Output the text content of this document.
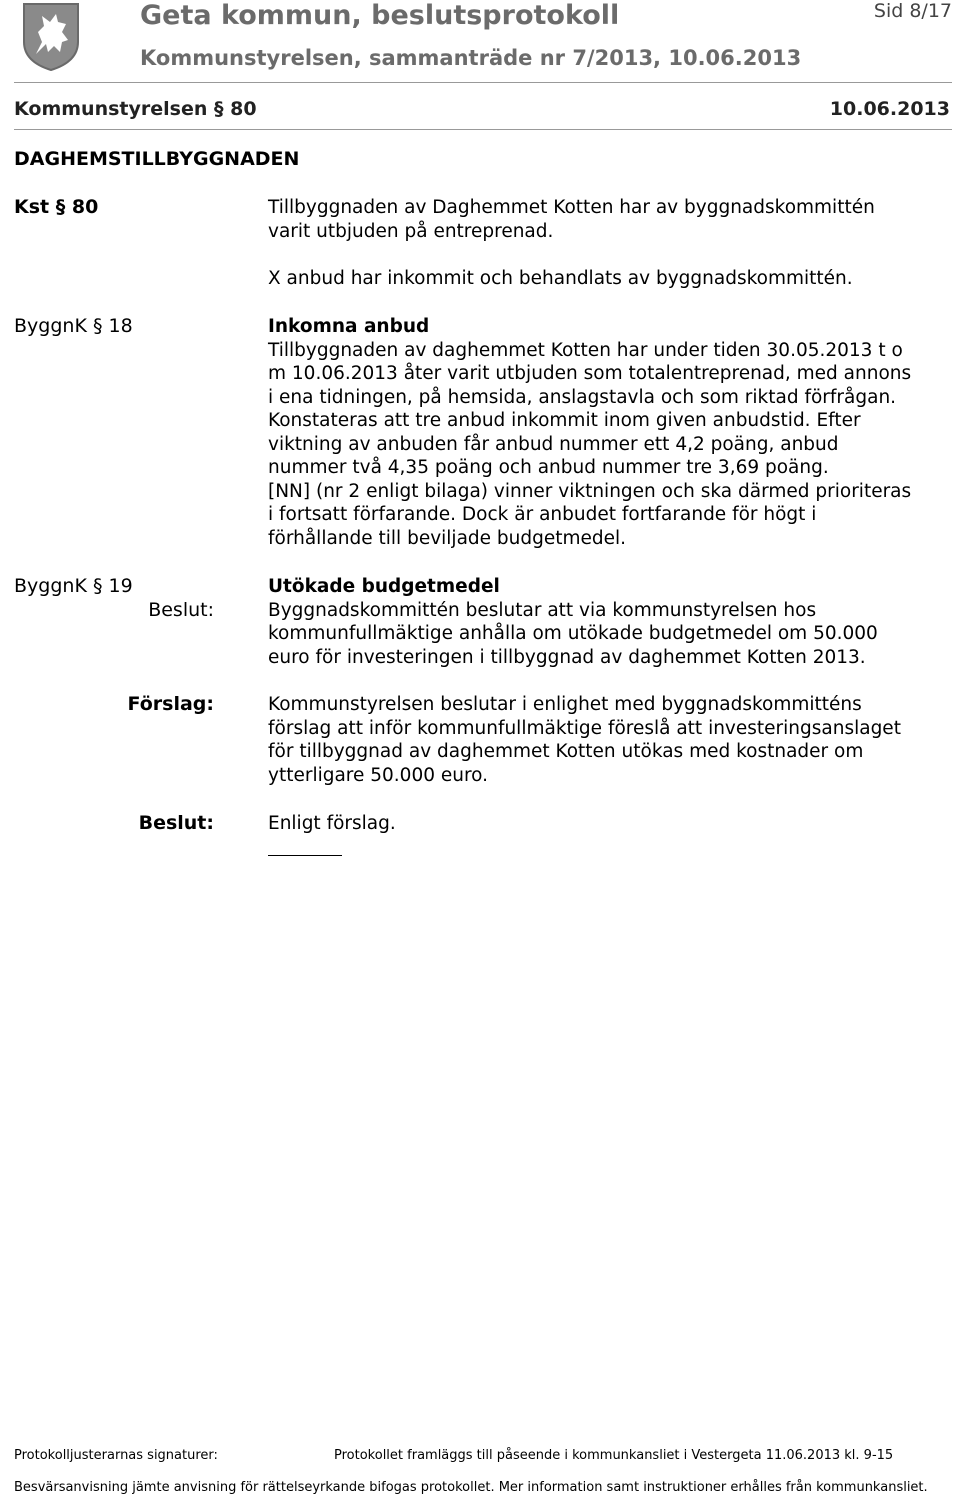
Geta kommun, beslutsprotokoll	Sid 8/17
Kommunstyrelsen, sammanträde nr 7/2013, 10.06.2013
Kommunstyrelsen § 80	10.06.2013
DAGHEMSTILLBYGGNADEN
Kst § 80	Tillbyggnaden av Daghemmet Kotten har av byggnadskommittén

varit utbjuden på entreprenad.

X anbud har inkommit och behandlats av byggnadskommittén.

ByggnK § 18	Inkomna anbud

Tillbyggnaden av daghemmet Kotten har under tiden 30.05.2013 t o

m 10.06.2013 åter varit utbjuden som totalentreprenad, med annons

i ena tidningen, på hemsida, anslagstavla och som riktad förfrågan.

Konstateras att tre anbud inkommit inom given anbudstid. Efter

viktning av anbuden får anbud nummer ett 4,2 poäng, anbud

nummer två 4,35 poäng och anbud nummer tre 3,69 poäng.

[NN] (nr 2 enligt bilaga) vinner viktningen och ska därmed prioriteras

i fortsatt förfarande. Dock är anbudet fortfarande för högt i

förhållande till beviljade budgetmedel.

ByggnK § 19
Beslut:

Utökade budgetmedel

Byggnadskommittén beslutar att via kommunstyrelsen hos

kommunfullmäktige anhålla om utökade budgetmedel om 50.000

euro för investeringen i tillbyggnad av daghemmet Kotten 2013.

Förslag:	Kommunstyrelsen beslutar i enlighet med byggnadskommitténs

förslag att inför kommunfullmäktige föreslå att investeringsanslaget

för tillbyggnad av daghemmet Kotten utökas med kostnader om

ytterligare 50.000 euro.

Beslut:	Enligt förslag.

Protokolljusterarnas signaturer:	Protokollet framläggs till påseende i kommunkansliet i Vestergeta 11.06.2013 kl. 9-15
Besvärsanvisning jämte anvisning för rättelseyrkande bifogas protokollet. Mer information samt instruktioner erhålles från kommunkansliet.
